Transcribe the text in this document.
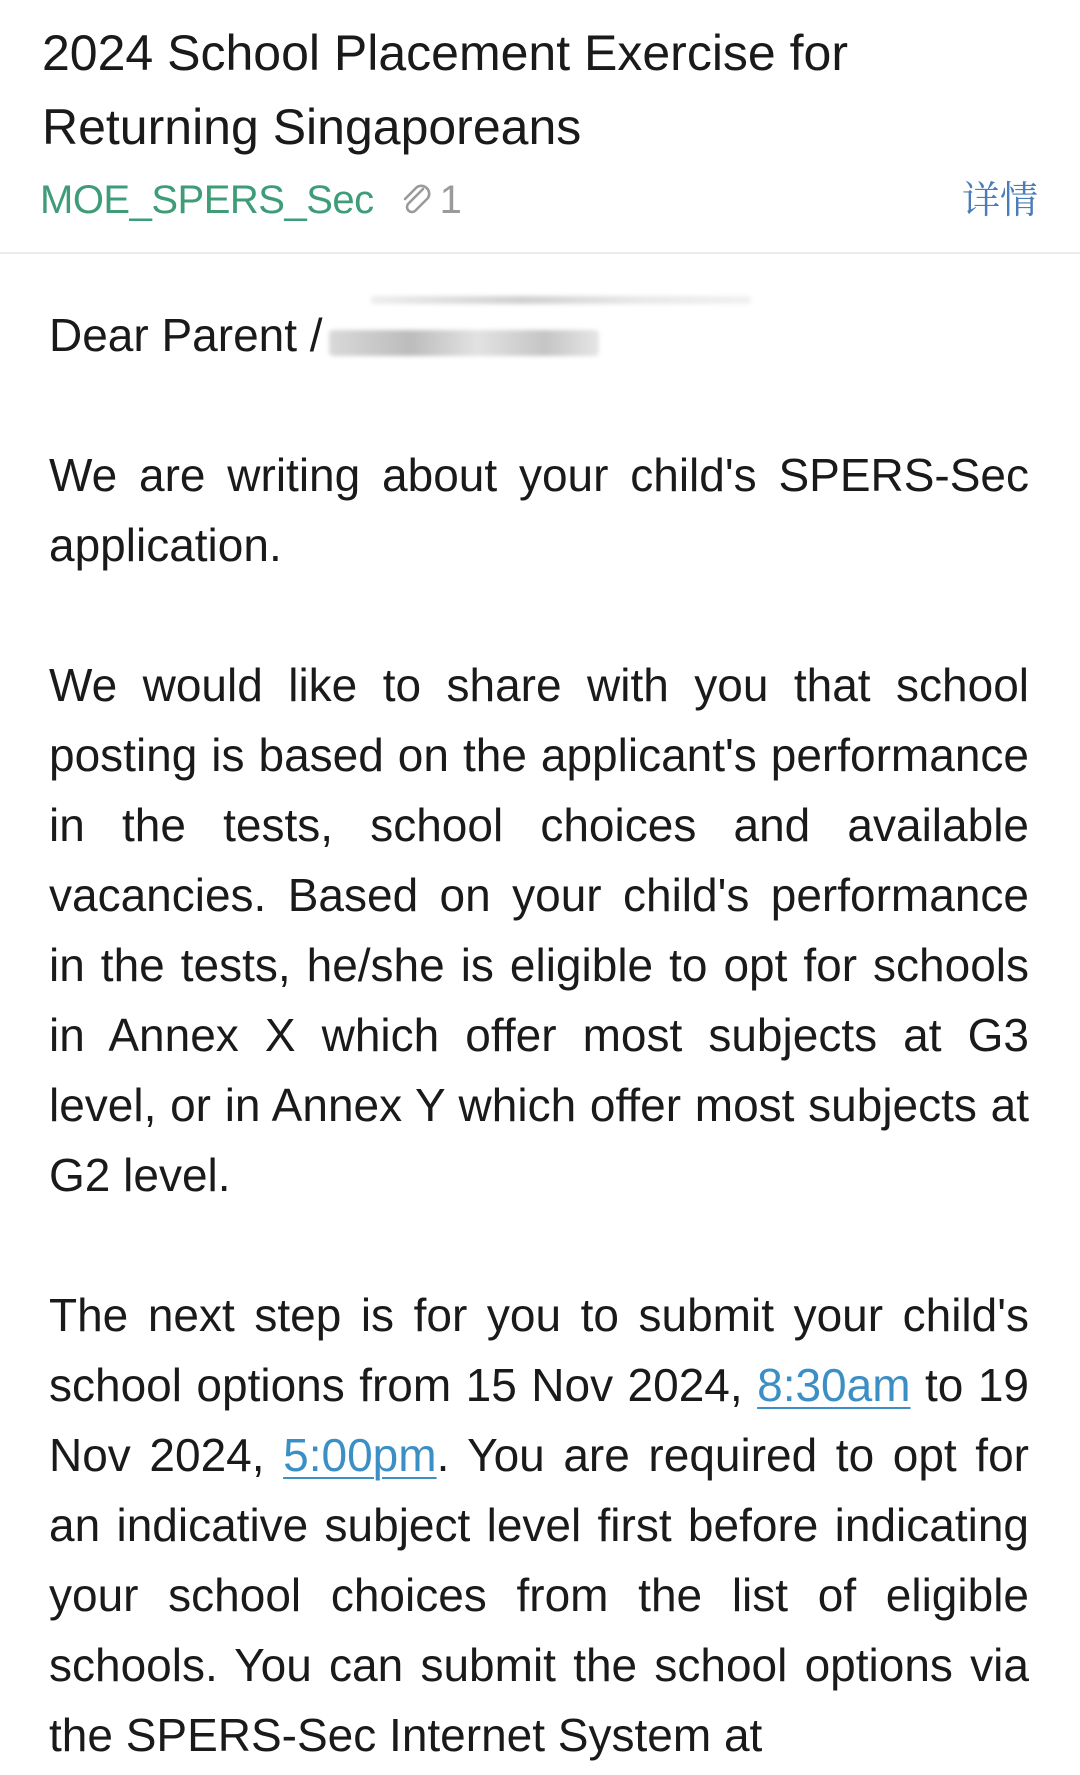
2024 School Placement Exercise for Returning Singaporeans
MOE_SPERS_Sec 1	详情

Dear Parent /

We are writing about your child's SPERS-Sec application.

We would like to share with you that school posting is based on the applicant's performance in the tests, school choices and available vacancies. Based on your child's performance in the tests, he/she is eligible to opt for schools in Annex X which offer most subjects at G3 level, or in Annex Y which offer most subjects at G2 level.

The next step is for you to submit your child's school options from 15 Nov 2024, 8:30am to 19 Nov 2024, 5:00pm. You are required to opt for an indicative subject level first before indicating your school choices from the list of eligible schools. You can submit the school options via the SPERS-Sec Internet System at
